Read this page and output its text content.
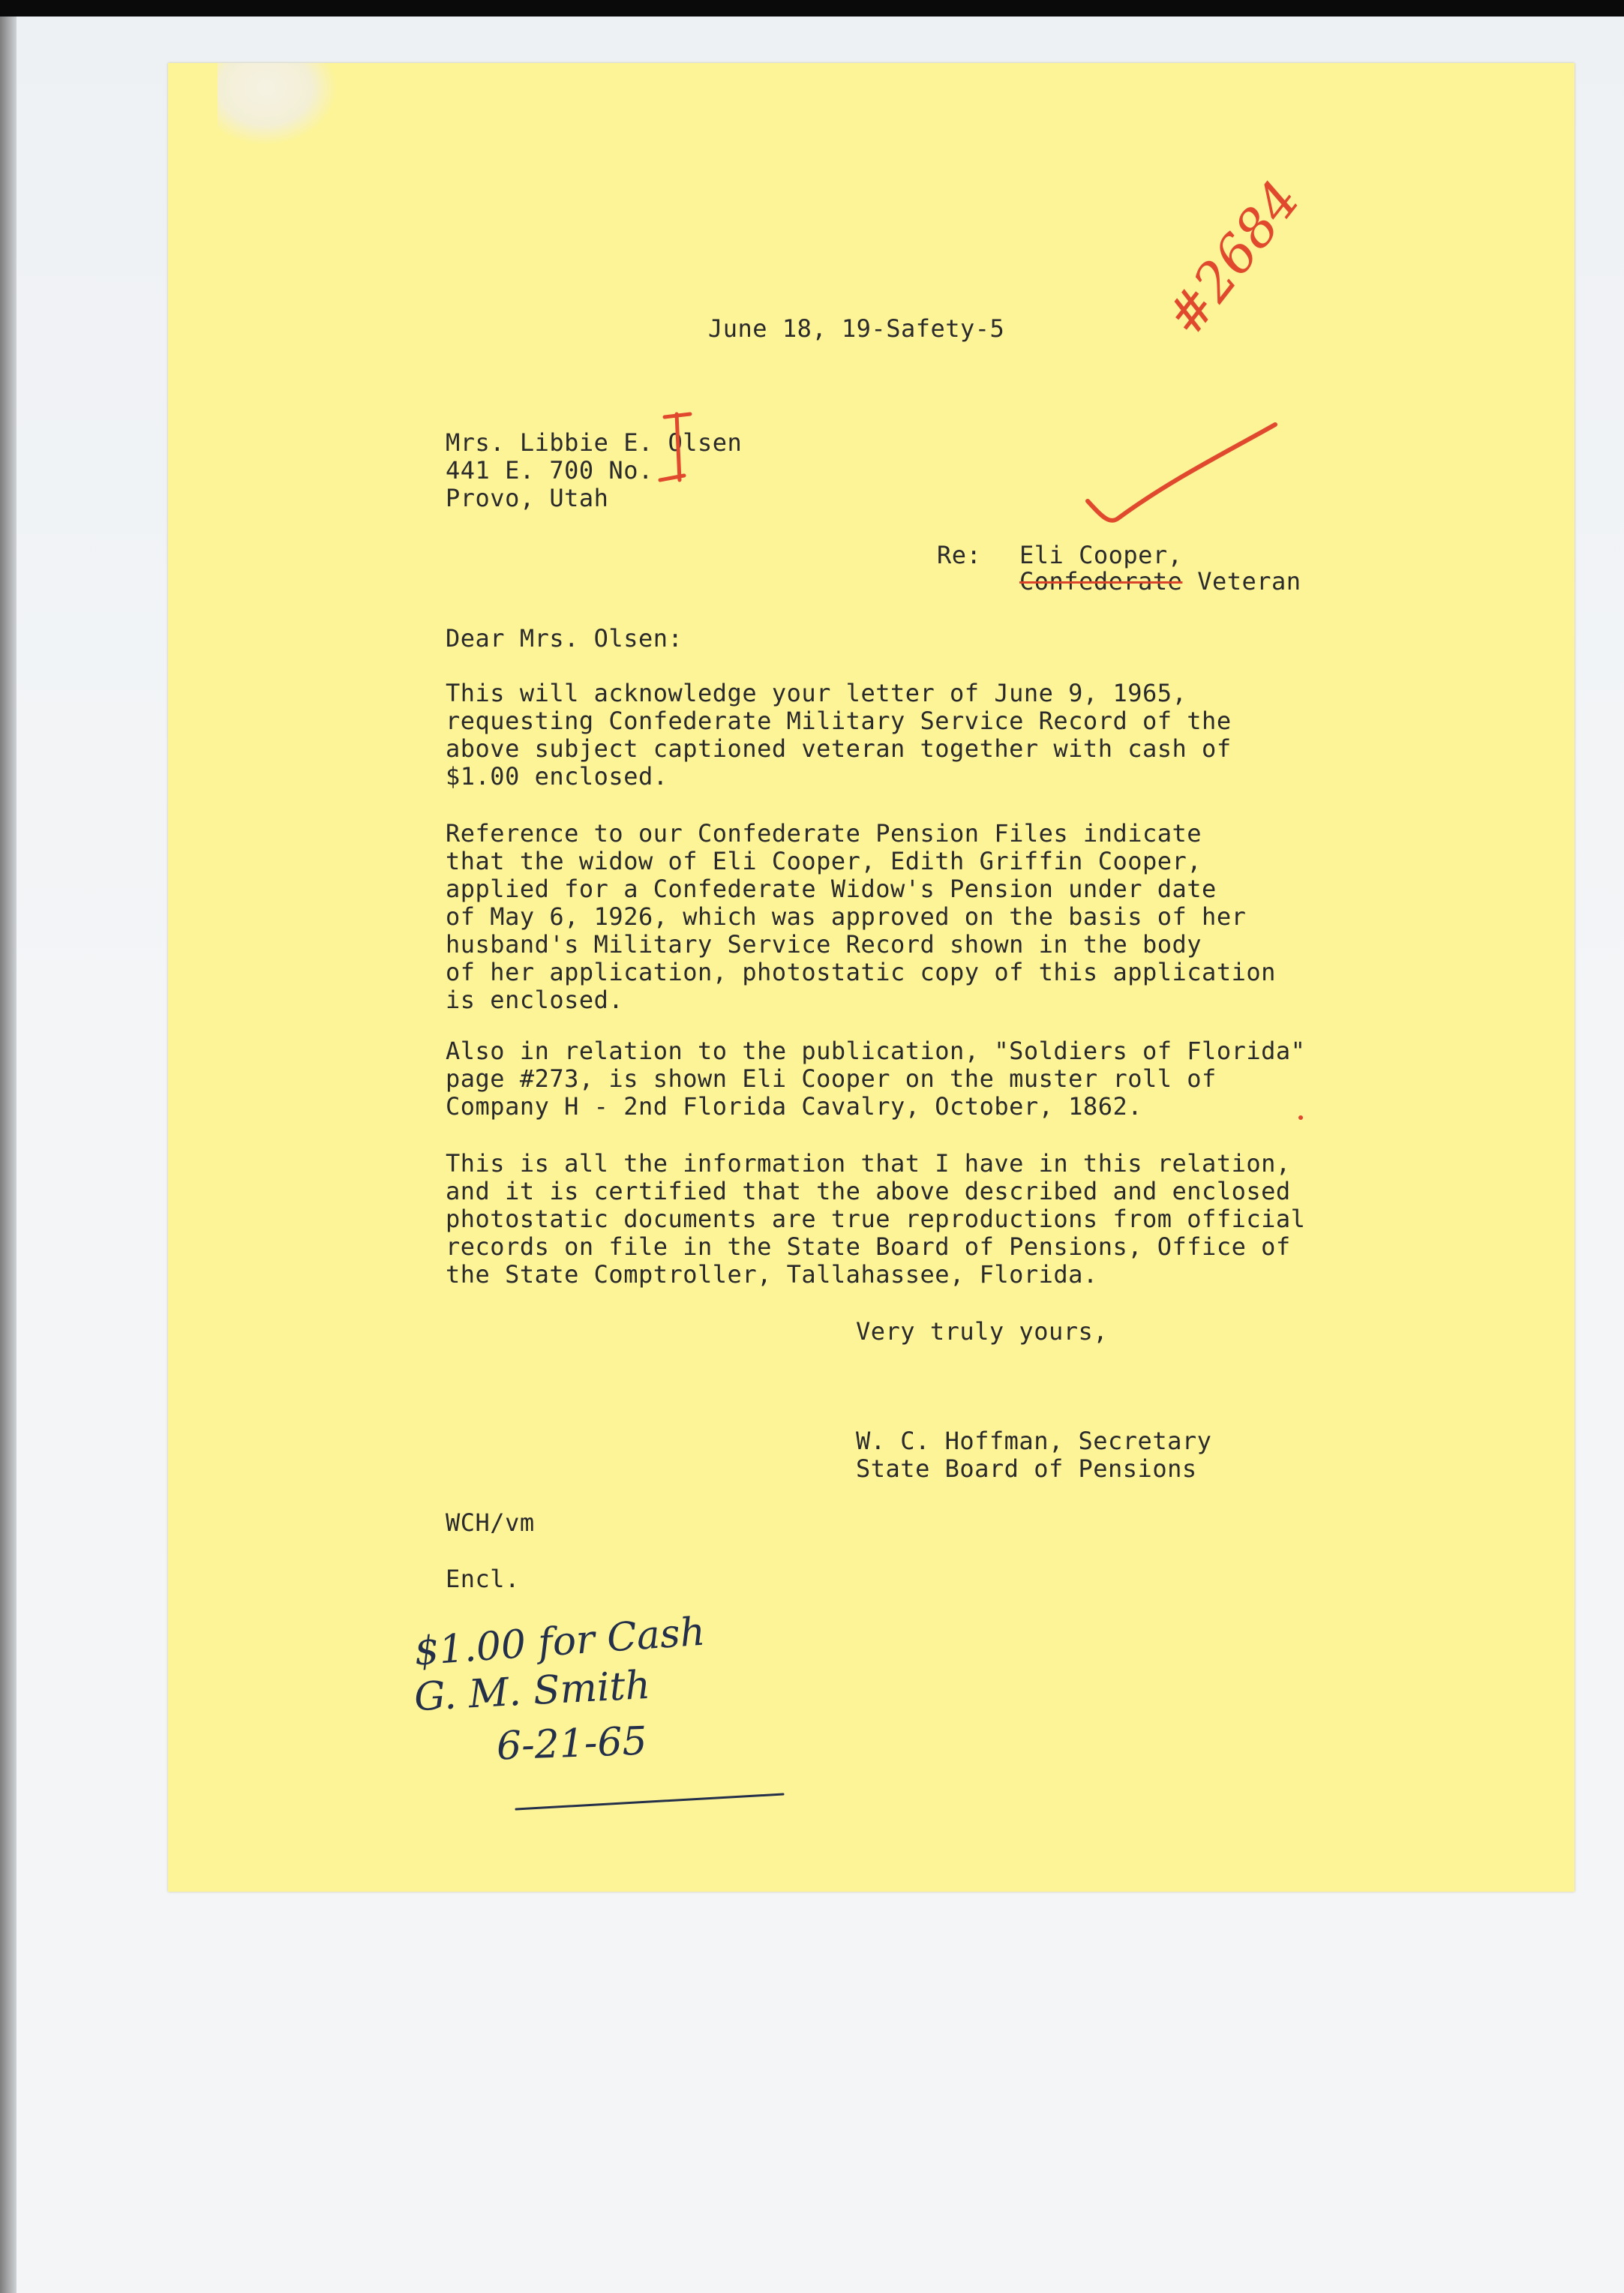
June 18, 19-Safety-5
Mrs. Libbie E. Olsen
441 E. 700 No.
Provo, Utah
Re: Eli Cooper,
Confederate Veteran
Dear Mrs. Olsen:
This will acknowledge your letter of June 9, 1965,
requesting Confederate Military Service Record of the
above subject captioned veteran together with cash of
$1.00 enclosed.
Reference to our Confederate Pension Files indicate
that the widow of Eli Cooper, Edith Griffin Cooper,
applied for a Confederate Widow's Pension under date
of May 6, 1926, which was approved on the basis of her
husband's Military Service Record shown in the body
of her application, photostatic copy of this application
is enclosed.
Also in relation to the publication, "Soldiers of Florida"
page #273, is shown Eli Cooper on the muster roll of
Company H - 2nd Florida Cavalry, October, 1862.
This is all the information that I have in this relation,
and it is certified that the above described and enclosed
photostatic documents are true reproductions from official
records on file in the State Board of Pensions, Office of
the State Comptroller, Tallahassee, Florida.
Very truly yours,
W. C. Hoffman, Secretary
State Board of Pensions
WCH/vm
Encl.
$1.00 for Cash
G. M. Smith
6-21-65
#2684
